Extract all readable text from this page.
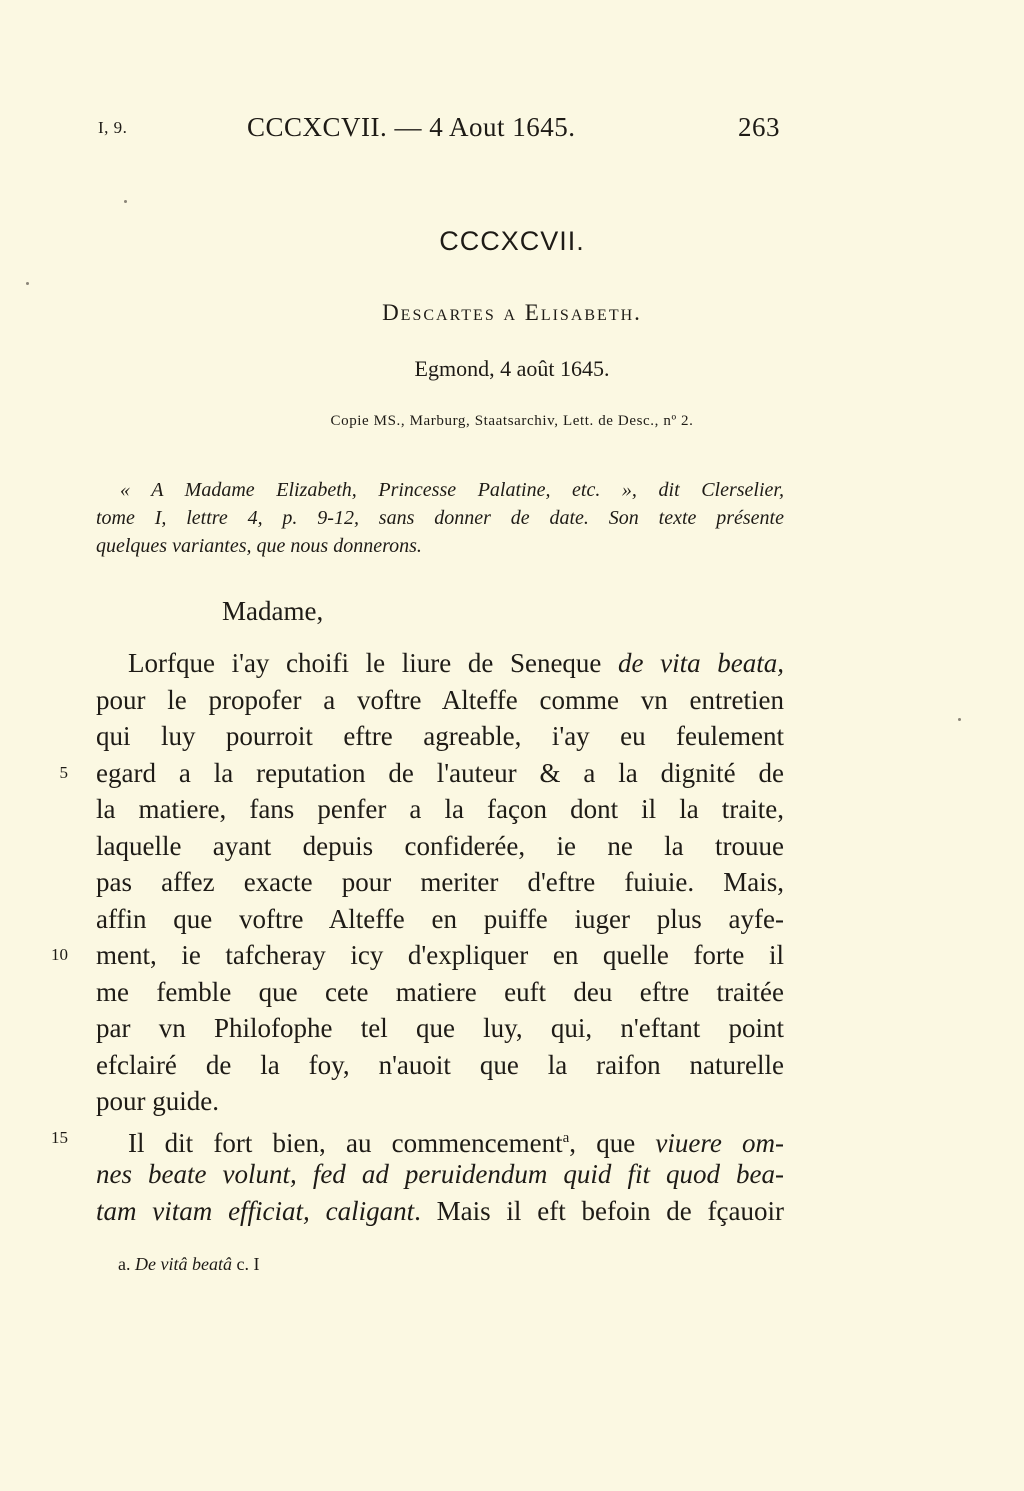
I, 9.	CCCXCVII. — 4 Aout 1645.	263
CCCXCVII.
Descartes a Elisabeth.
Egmond, 4 août 1645.
Copie MS., Marburg, Staatsarchiv, Lett. de Desc., nº 2.
« A Madame Elizabeth, Princesse Palatine, etc. », dit Clerselier,
tome I, lettre 4, p. 9-12, sans donner de date. Son texte présente
quelques variantes, que nous donnerons.
Madame,
Lorfque i'ay choifi le liure de Seneque de vita beata,
pour le propofer a voftre Alteffe comme vn entretien
qui luy pourroit eftre agreable, i'ay eu feulement
egard a la reputation de l'auteur & a la dignité de
la matiere, fans penfer a la façon dont il la traite,
laquelle ayant depuis confiderée, ie ne la trouue
pas affez exacte pour meriter d'eftre fuiuie. Mais,
affin que voftre Alteffe en puiffe iuger plus ayfe-
ment, ie tafcheray icy d'expliquer en quelle forte il
me femble que cete matiere euft deu eftre traitée
par vn Philofophe tel que luy, qui, n'eftant point
efclairé de la foy, n'auoit que la raifon naturelle
pour guide.
Il dit fort bien, au commencement$^a$, que viuere om-
nes beate volunt, fed ad peruidendum quid fit quod bea-
tam vitam efficiat, caligant. Mais il eft befoin de fçauoir
5
10
15
a. De vitâ beatâ c. I
